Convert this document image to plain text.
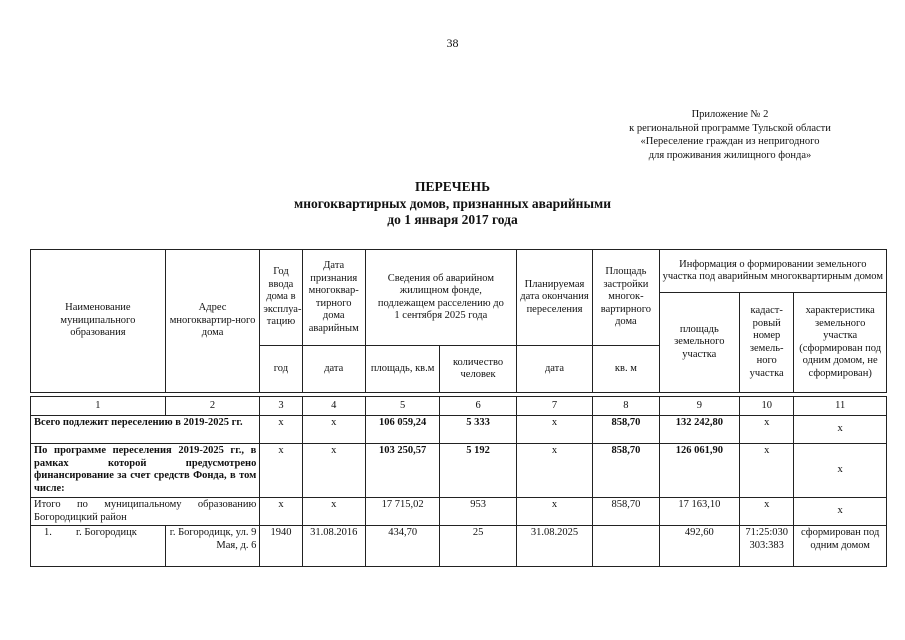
38
Приложение № 2
к региональной программе Тульской области
«Переселение граждан из непригодного
для проживания жилищного фонда»
ПЕРЕЧЕНЬ
многоквартирных домов, признанных аварийными
до 1 января 2017 года
Наименование муниципального образования	Адрес многоквартир-ного дома	Год ввода дома в эксплуа-тацию	Дата признания многоквар-тирного дома аварийным	Сведения об аварийном жилищном фонде, подлежащем расселению до 1 сентября 2025 года		Планируемая дата окончания переселения	Площадь застройки многок-вартирного дома	Информация о формировании земельного участка под аварийным многоквартирным домом		
								площадь земельного участка	кадаст-ровый номер земель-ного участка	характеристика земельного участка (сформирован под одним домом, не сформирован)
		год	дата	площадь, кв.м	количество человек	дата	кв. м			

1	2	3	4	5	6	7	8	9	10	11
Всего подлежит переселению в 2019-2025 гг.		х	х	106 059,24	5 333	х	858,70	132 242,80	х	х
По программе переселения 2019-2025 гг., в рамках которой предусмотрено финансирование за счет средств Фонда, в том числе:		х	х	103 250,57	5 192	х	858,70	126 061,90	х	х
Итого по муниципальному образованию Богородицкий район		х	х	17 715,02	953	х	858,70	17 163,10	х	х
1. г. Богородицк	г. Богородицк, ул. 9 Мая, д. 6	1940	31.08.2016	434,70	25	31.08.2025		492,60	71:25:030 303:383	сформирован под одним домом
